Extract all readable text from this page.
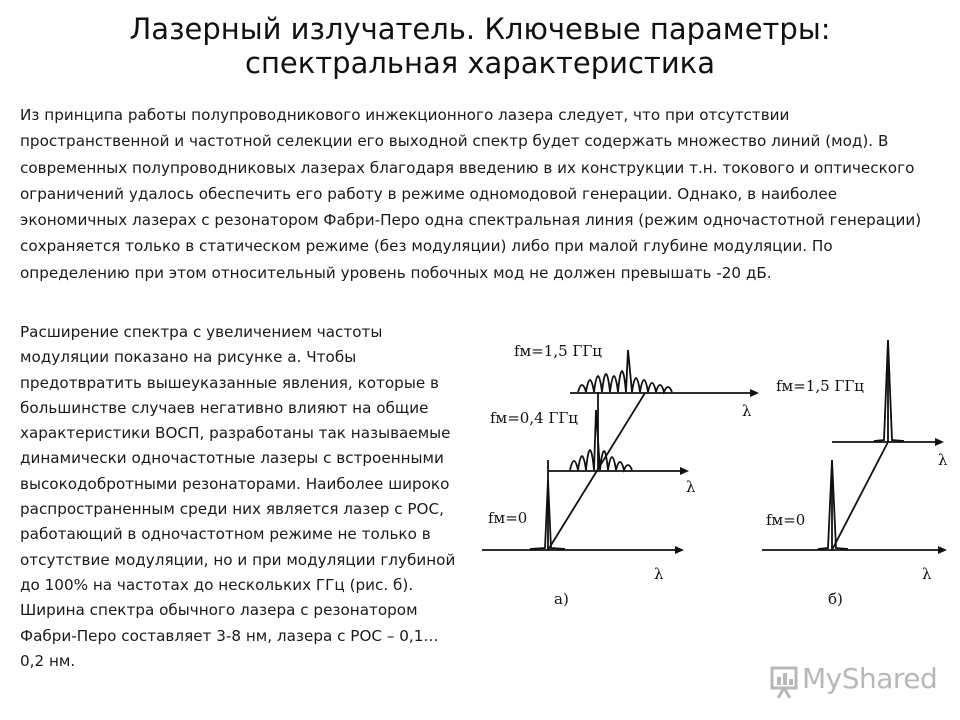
Лазерный излучатель. Ключевые параметры:
спектральная характеристика
Из принципа работы полупроводникового инжекционного лазера следует, что при отсутствии пространственной и частотной селекции его выходной спектр будет содержать множество линий (мод). В современных полупроводниковых лазерах благодаря введению в их конструкции т.н. токового и оптического ограничений удалось обеспечить его работу в режиме одномодовой генерации. Однако, в наиболее экономичных лазерах с резонатором Фабри-Перо одна спектральная линия (режим одночастотной генерации) сохраняется только в статическом режиме (без модуляции) либо при малой глубине модуляции. По определению при этом относительный уровень побочных мод не должен превышать -20 дБ.
Расширение спектра с увеличением частоты модуляции показано на рисунке а. Чтобы предотвратить вышеуказанные явления, которые в большинстве случаев негативно влияют на общие характеристики ВОСП, разработаны так называемые динамически одночастотные лазеры с встроенными высокодобротными резонаторами. Наиболее широко распространенным среди них является лазер с РОС, работающий в одночастотном режиме не только в отсутствие модуляции, но и при модуляции глубиной до 100% на частотах до нескольких ГГц (рис. б). Ширина спектра обычного лазера с резонатором Фабри-Перо составляет 3-8 нм, лазера с РОС – 0,1…0,2 нм.
fм=1,5 ГГц
fм=0,4 ГГц
fм=0
λ
λ
λ
а)
fм=1,5 ГГц
fм=0
λ
λ
б)
MyShared
